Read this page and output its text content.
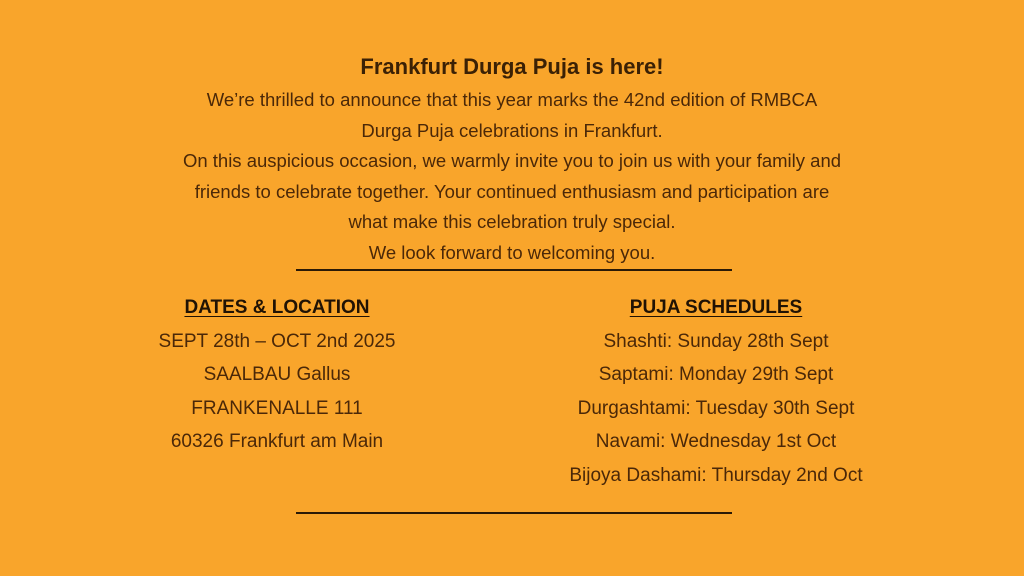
Frankfurt Durga Puja is here!
We’re thrilled to announce that this year marks the 42nd edition of RMBCA
Durga Puja celebrations in Frankfurt.
On this auspicious occasion, we warmly invite you to join us with your family and
friends to celebrate together. Your continued enthusiasm and participation are
what make this celebration truly special.
We look forward to welcoming you.
DATES & LOCATION
SEPT 28th – OCT 2nd 2025
SAALBAU Gallus
FRANKENALLE 111
60326 Frankfurt am Main
PUJA SCHEDULES
Shashti: Sunday 28th Sept
Saptami: Monday 29th Sept
Durgashtami: Tuesday 30th Sept
Navami: Wednesday 1st Oct
Bijoya Dashami: Thursday 2nd Oct
